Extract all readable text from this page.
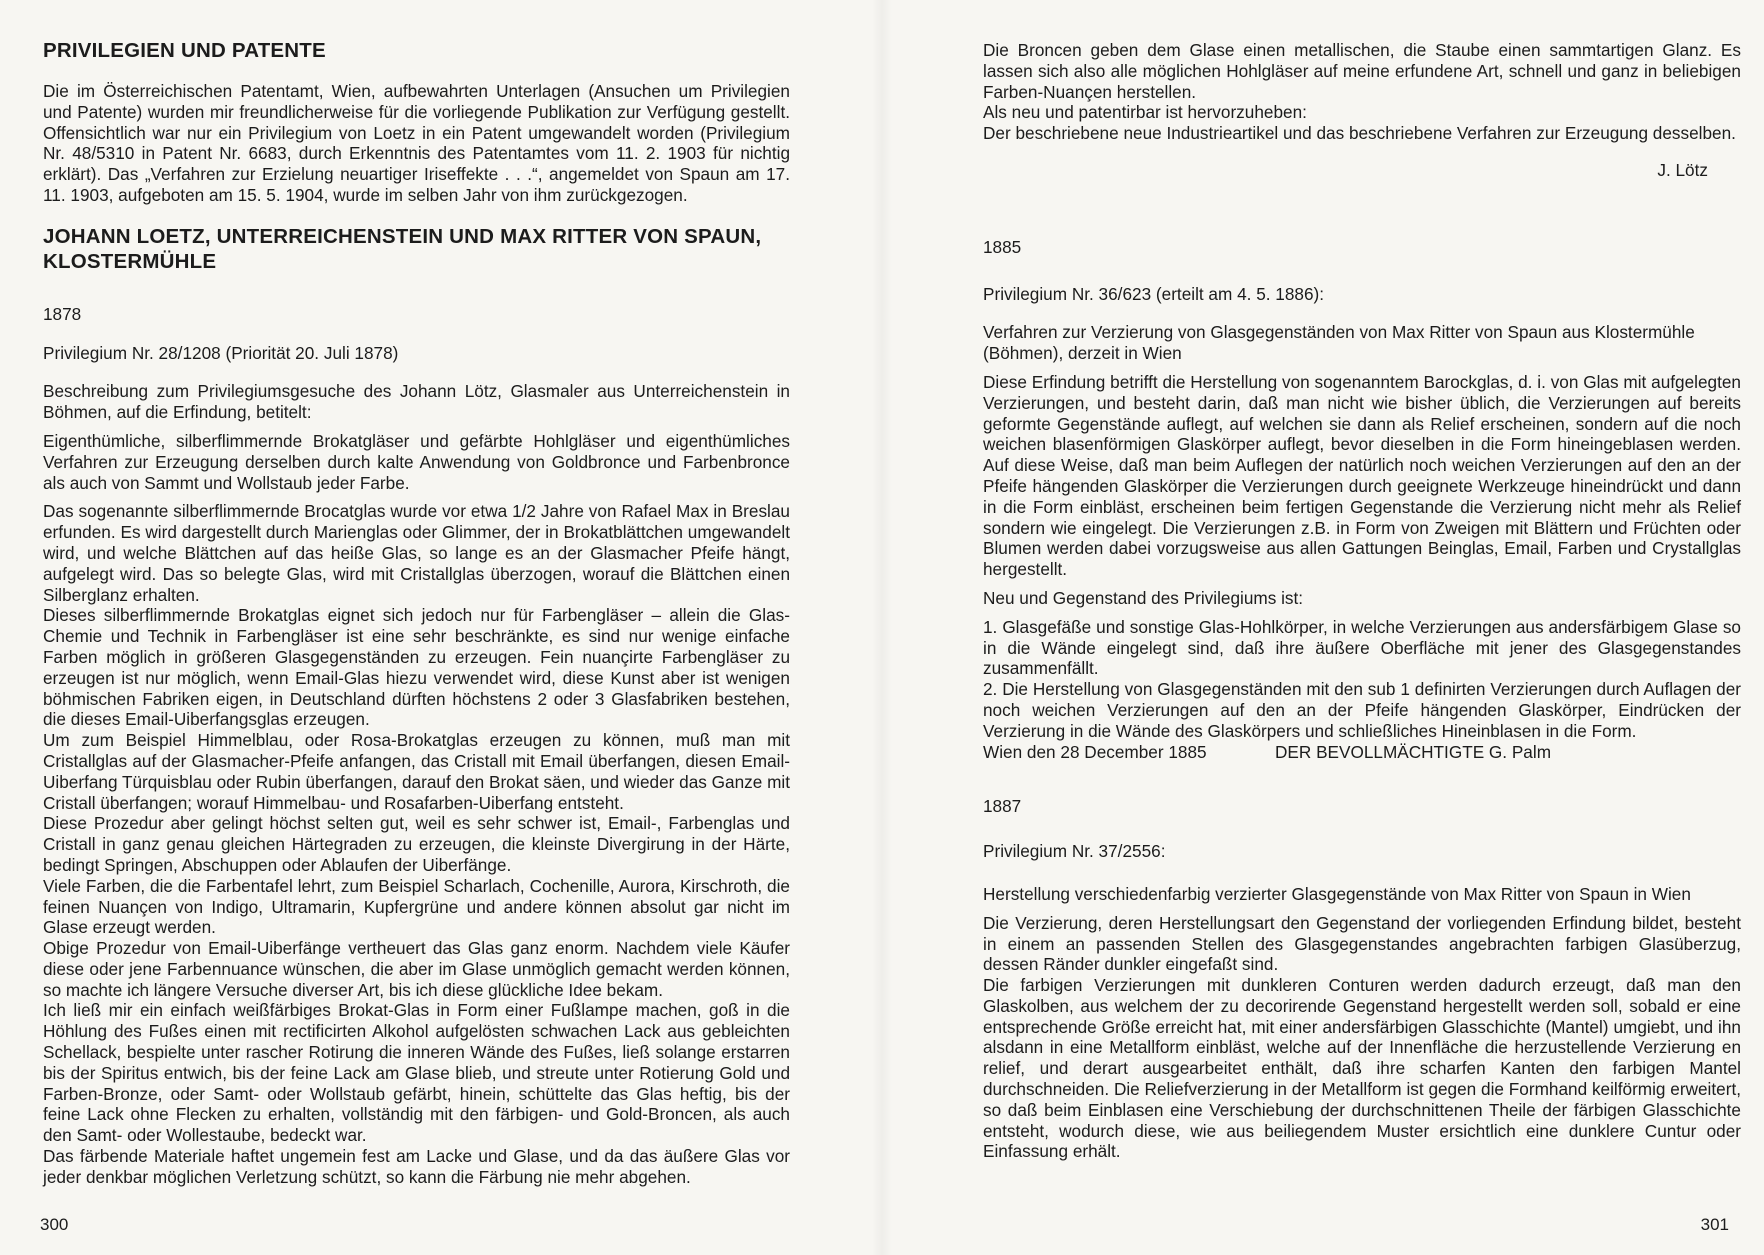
PRIVILEGIEN UND PATENTE

Die im Österreichischen Patentamt, Wien, aufbewahrten Unterlagen (Ansuchen um Privilegien und Patente) wurden mir freundlicherweise für die vorliegende Publikation zur Verfügung gestellt. Offensichtlich war nur ein Privilegium von Loetz in ein Patent umgewandelt worden (Privilegium Nr. 48/5310 in Patent Nr. 6683, durch Erkenntnis des Patentamtes vom 11. 2. 1903 für nichtig erklärt). Das „Verfahren zur Erzielung neuartiger Iriseffekte . . .“, angemeldet von Spaun am 17. 11. 1903, aufgeboten am 15. 5. 1904, wurde im selben Jahr von ihm zurückgezogen.

JOHANN LOETZ, UNTERREICHENSTEIN UND MAX RITTER VON SPAUN, KLOSTERMÜHLE

1878

Privilegium Nr. 28/1208 (Priorität 20. Juli 1878)

Beschreibung zum Privilegiumsgesuche des Johann Lötz, Glasmaler aus Unterreichenstein in Böhmen, auf die Erfindung, betitelt:

Eigenthümliche, silberflimmernde Brokatgläser und gefärbte Hohlgläser und eigenthümliches Verfahren zur Erzeugung derselben durch kalte Anwendung von Goldbronce und Farbenbronce als auch von Sammt und Wollstaub jeder Farbe.

Das sogenannte silberflimmernde Brocatglas wurde vor etwa 1/2 Jahre von Rafael Max in Breslau erfunden. Es wird dargestellt durch Marienglas oder Glimmer, der in Brokatblättchen umgewandelt wird, und welche Blättchen auf das heiße Glas, so lange es an der Glasmacher Pfeife hängt, aufgelegt wird. Das so belegte Glas, wird mit Cristallglas überzogen, worauf die Blättchen einen Silberglanz erhalten.

Dieses silberflimmernde Brokatglas eignet sich jedoch nur für Farbengläser – allein die Glas-Chemie und Technik in Farbengläser ist eine sehr beschränkte, es sind nur wenige einfache Farben möglich in größeren Glasgegenständen zu erzeugen. Fein nuançirte Farbengläser zu erzeugen ist nur möglich, wenn Email-Glas hiezu verwendet wird, diese Kunst aber ist wenigen böhmischen Fabriken eigen, in Deutschland dürften höchstens 2 oder 3 Glasfabriken bestehen, die dieses Email-Uiberfangsglas erzeugen.

Um zum Beispiel Himmelblau, oder Rosa-Brokatglas erzeugen zu können, muß man mit Cristallglas auf der Glasmacher-Pfeife anfangen, das Cristall mit Email überfangen, diesen Email-Uiberfang Türquisblau oder Rubin überfangen, darauf den Brokat säen, und wieder das Ganze mit Cristall überfangen; worauf Himmelbau- und Rosafarben-Uiberfang entsteht.

Diese Prozedur aber gelingt höchst selten gut, weil es sehr schwer ist, Email-, Farbenglas und Cristall in ganz genau gleichen Härtegraden zu erzeugen, die kleinste Divergirung in der Härte, bedingt Springen, Abschuppen oder Ablaufen der Uiberfänge.

Viele Farben, die die Farbentafel lehrt, zum Beispiel Scharlach, Cochenille, Aurora, Kirschroth, die feinen Nuançen von Indigo, Ultramarin, Kupfergrüne und andere können absolut gar nicht im Glase erzeugt werden.

Obige Prozedur von Email-Uiberfänge vertheuert das Glas ganz enorm. Nachdem viele Käufer diese oder jene Farbennuance wünschen, die aber im Glase unmöglich gemacht werden können, so machte ich längere Versuche diverser Art, bis ich diese glückliche Idee bekam.

Ich ließ mir ein einfach weißfärbiges Brokat-Glas in Form einer Fußlampe machen, goß in die Höhlung des Fußes einen mit rectificirten Alkohol aufgelösten schwachen Lack aus gebleichten Schellack, bespielte unter rascher Rotirung die inneren Wände des Fußes, ließ solange erstarren bis der Spiritus entwich, bis der feine Lack am Glase blieb, und streute unter Rotierung Gold und Farben-Bronze, oder Samt- oder Wollstaub gefärbt, hinein, schüttelte das Glas heftig, bis der feine Lack ohne Flecken zu erhalten, vollständig mit den färbigen- und Gold-Broncen, als auch den Samt- oder Wollestaube, bedeckt war.

Das färbende Materiale haftet ungemein fest am Lacke und Glase, und da das äußere Glas vor jeder denkbar möglichen Verletzung schützt, so kann die Färbung nie mehr abgehen.

300

Die Broncen geben dem Glase einen metallischen, die Staube einen sammtartigen Glanz. Es lassen sich also alle möglichen Hohlgläser auf meine erfundene Art, schnell und ganz in beliebigen Farben-Nuançen herstellen.

Als neu und patentirbar ist hervorzuheben:

Der beschriebene neue Industrieartikel und das beschriebene Verfahren zur Erzeugung desselben.

J. Lötz

1885

Privilegium Nr. 36/623 (erteilt am 4. 5. 1886):

Verfahren zur Verzierung von Glasgegenständen von Max Ritter von Spaun aus Klostermühle (Böhmen), derzeit in Wien

Diese Erfindung betrifft die Herstellung von sogenanntem Barockglas, d. i. von Glas mit aufgelegten Verzierungen, und besteht darin, daß man nicht wie bisher üblich, die Verzierungen auf bereits geformte Gegenstände auflegt, auf welchen sie dann als Relief erscheinen, sondern auf die noch weichen blasenförmigen Glaskörper auflegt, bevor dieselben in die Form hineingeblasen werden. Auf diese Weise, daß man beim Auflegen der natürlich noch weichen Verzierungen auf den an der Pfeife hängenden Glaskörper die Verzierungen durch geeignete Werkzeuge hineindrückt und dann in die Form einbläst, erscheinen beim fertigen Gegenstande die Verzierung nicht mehr als Relief sondern wie eingelegt. Die Verzierungen z.B. in Form von Zweigen mit Blättern und Früchten oder Blumen werden dabei vorzugsweise aus allen Gattungen Beinglas, Email, Farben und Crystallglas hergestellt.

Neu und Gegenstand des Privilegiums ist:

1. Glasgefäße und sonstige Glas-Hohlkörper, in welche Verzierungen aus andersfärbigem Glase so in die Wände eingelegt sind, daß ihre äußere Oberfläche mit jener des Glasgegenstandes zusammenfällt.

2. Die Herstellung von Glasgegenständen mit den sub 1 definirten Verzierungen durch Auflagen der noch weichen Verzierungen auf den an der Pfeife hängenden Glaskörper, Eindrücken der Verzierung in die Wände des Glaskörpers und schließliches Hineinblasen in die Form.

Wien den 28 December 1885	DER BEVOLLMÄCHTIGTE G. Palm

1887

Privilegium Nr. 37/2556:

Herstellung verschiedenfarbig verzierter Glasgegenstände von Max Ritter von Spaun in Wien

Die Verzierung, deren Herstellungsart den Gegenstand der vorliegenden Erfindung bildet, besteht in einem an passenden Stellen des Glasgegenstandes angebrachten farbigen Glasüberzug, dessen Ränder dunkler eingefaßt sind.

Die farbigen Verzierungen mit dunkleren Conturen werden dadurch erzeugt, daß man den Glaskolben, aus welchem der zu decorirende Gegenstand hergestellt werden soll, sobald er eine entsprechende Größe erreicht hat, mit einer andersfärbigen Glasschichte (Mantel) umgiebt, und ihn alsdann in eine Metallform einbläst, welche auf der Innenfläche die herzustellende Verzierung en relief, und derart ausgearbeitet enthält, daß ihre scharfen Kanten den farbigen Mantel durchschneiden. Die Reliefverzierung in der Metallform ist gegen die Formhand keilförmig erweitert, so daß beim Einblasen eine Verschiebung der durchschnittenen Theile der färbigen Glasschichte entsteht, wodurch diese, wie aus beiliegendem Muster ersichtlich eine dunklere Cuntur oder Einfassung erhält.

301
